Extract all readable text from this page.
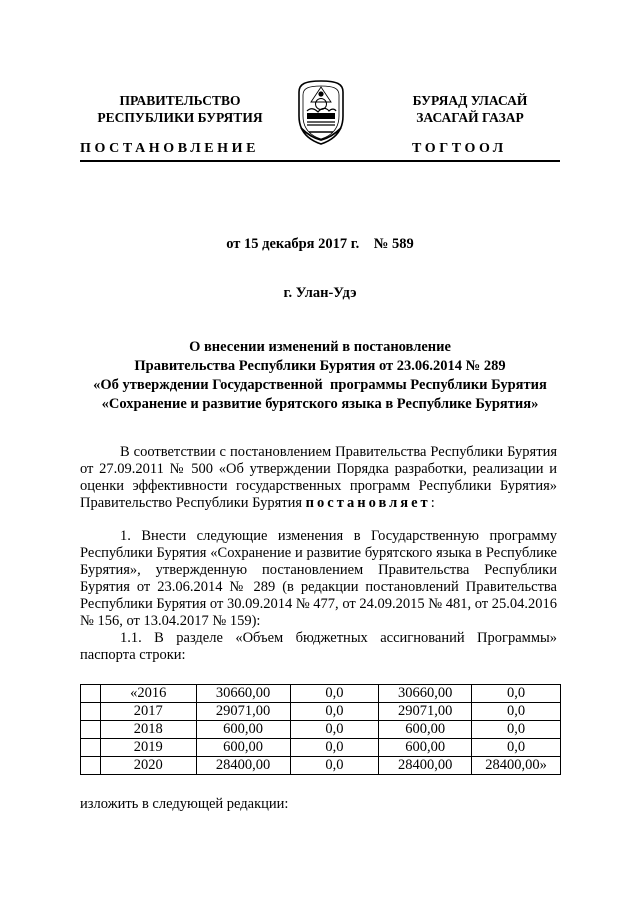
ПРАВИТЕЛЬСТВО
РЕСПУБЛИКИ БУРЯТИЯ
БУРЯАД УЛАСАЙ
ЗАСАГАЙ ГАЗАР
ПОСТАНОВЛЕНИЕ	ТОГТООЛ
от 15 декабря 2017 г.    № 589
г. Улан-Удэ
О внесении изменений в постановление
Правительства Республики Бурятия от 23.06.2014 № 289
«Об утверждении Государственной  программы Республики Бурятия
«Сохранение и развитие бурятского языка в Республике Бурятия»

В соответствии с постановлением Правительства Республики Бурятия от 27.09.2011 № 500 «Об утверждении Порядка разработки, реализации и оценки эффективности государственных программ Республики Бурятия» Правительство Республики Бурятия постановляет:

1. Внести следующие изменения в Государственную программу Республики Бурятия «Сохранение и развитие бурятского языка в Республике Бурятия», утвержденную постановлением Правительства Республики Бурятия от 23.06.2014 № 289 (в редакции постановлений Правительства Республики Бурятия от 30.09.2014 № 477, от 24.09.2015 № 481, от 25.04.2016 № 156, от 13.04.2017 № 159):

1.1. В разделе «Объем бюджетных ассигнований Программы» паспорта строки:

	«2016	30660,00	0,0	30660,00	0,0
	2017	29071,00	0,0	29071,00	0,0
	2018	600,00	0,0	600,00	0,0
	2019	600,00	0,0	600,00	0,0
	2020	28400,00	0,0	28400,00	28400,00»
изложить в следующей редакции:
